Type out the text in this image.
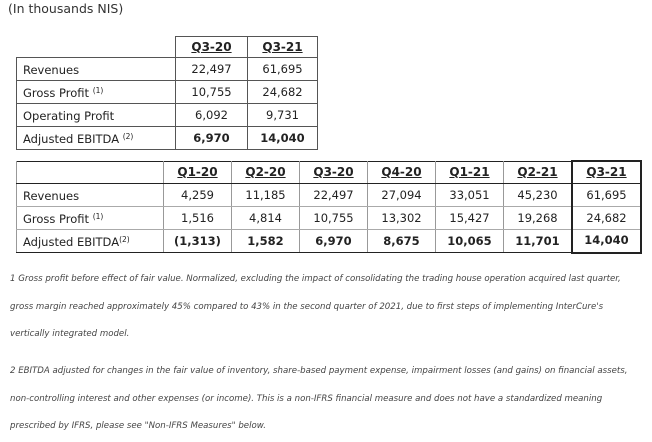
(In thousands NIS)
	Q3-20	Q3-21
Revenues	22,497	61,695
Gross Profit $^{(1)}$	10,755	24,682
Operating Profit	6,092	9,731
Adjusted EBITDA $^{(2)}$	6,970	14,040
	Q1-20	Q2-20	Q3-20	Q4-20	Q1-21	Q2-21	Q3-21
Revenues	4,259	11,185	22,497	27,094	33,051	45,230	61,695
Gross Profit $^{(1)}$	1,516	4,814	10,755	13,302	15,427	19,268	24,682
Adjusted EBITDA$^{(2)}$	(1,313)	1,582	6,970	8,675	10,065	11,701	14,040
1 Gross profit before effect of fair value. Normalized, excluding the impact of consolidating the trading house operation acquired last quarter, gross margin reached approximately 45% compared to 43% in the second quarter of 2021, due to first steps of implementing InterCure's vertically integrated model.
2 EBITDA adjusted for changes in the fair value of inventory, share-based payment expense, impairment losses (and gains) on financial assets, non-controlling interest and other expenses (or income). This is a non-IFRS financial measure and does not have a standardized meaning prescribed by IFRS, please see "Non-IFRS Measures" below.
